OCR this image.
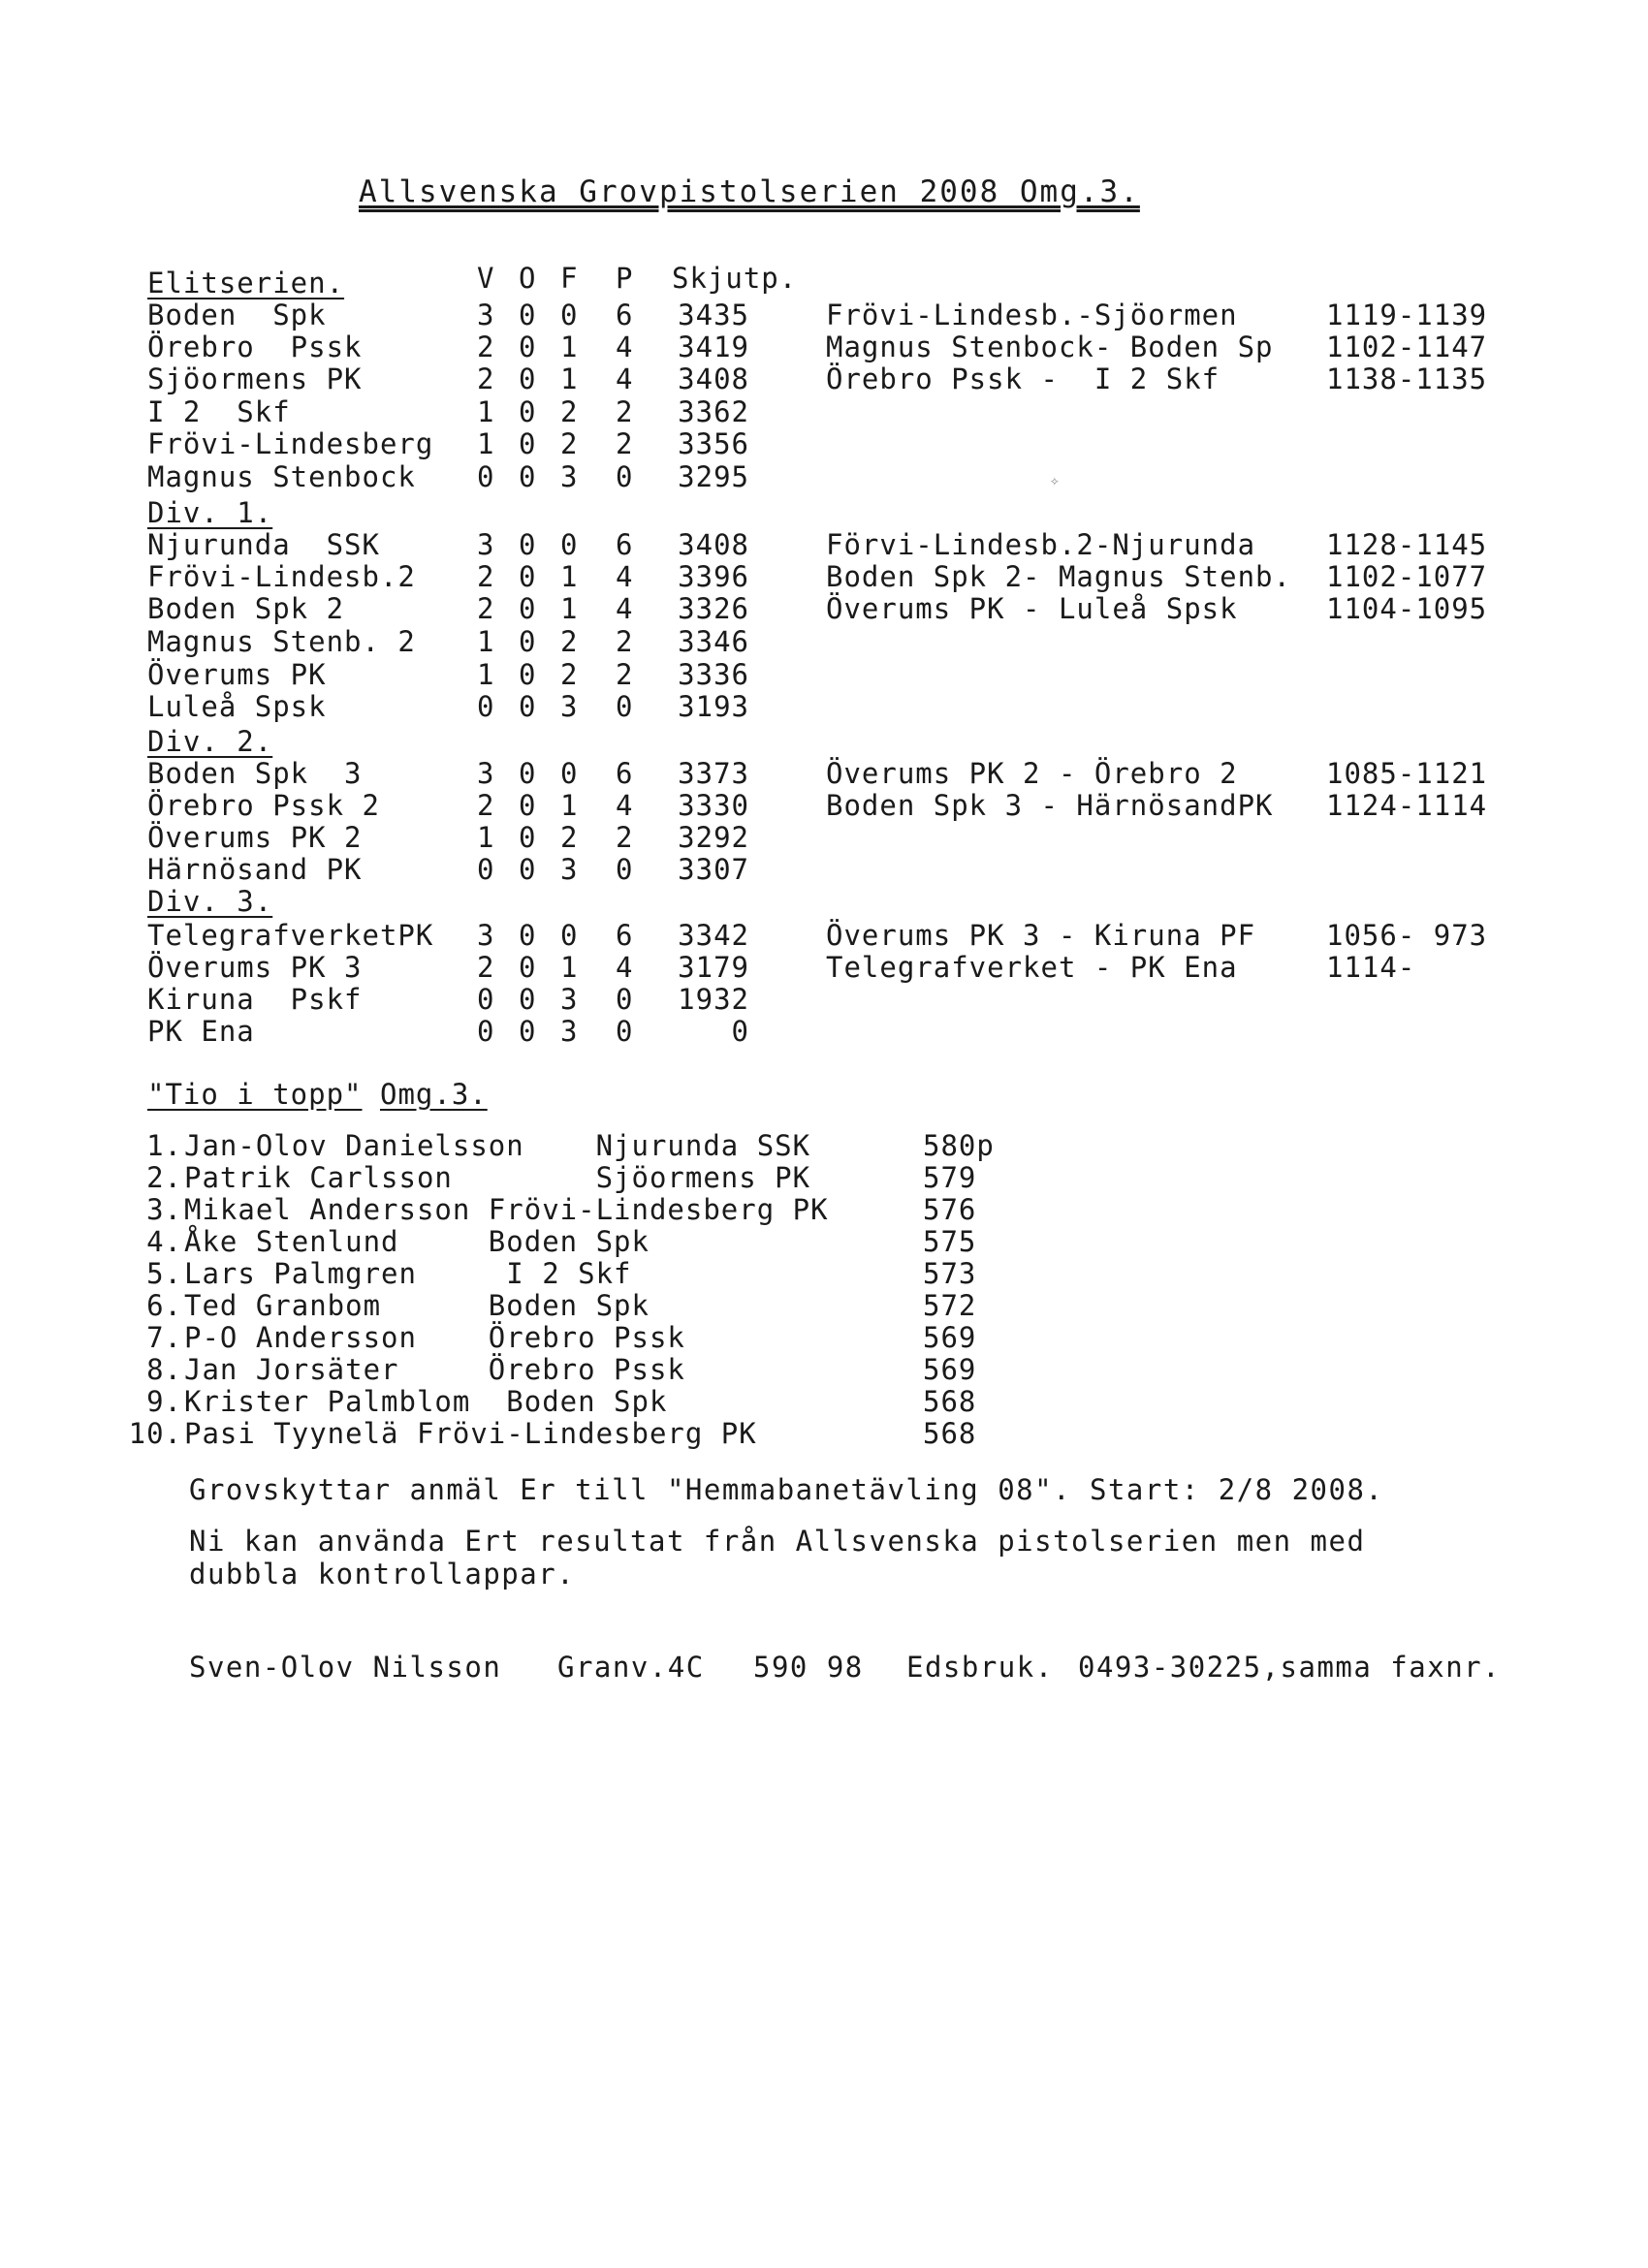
Allsvenska Grovpistolserien 2008 Omg.3.
V O F P Skjutp.
Elitserien.
Div. 1.
Div. 2.
Div. 3.
Boden  Spk	3 0 0 6 3435	Frövi-Lindesb.-Sjöormen	1119-1139
Örebro  Pssk	2 0 1 4 3419	Magnus Stenbock- Boden Sp 1102-1147
Sjöormens PK	2 0 1 4 3408	Örebro Pssk -  I 2 Skf	1138-1135
I 2  Skf	1 0 2 2 3362
Frövi-Lindesberg 1 0 2 2 3356
Magnus Stenbock 0 0 3 0 3295
Njurunda  SSK	3 0 0 6 3408	Förvi-Lindesb.2-Njurunda	1128-1145
Frövi-Lindesb.2 2 0 1 4 3396	Boden Spk 2- Magnus Stenb. 1102-1077
Boden Spk 2	2 0 1 4 3326	Överums PK - Luleå Spsk	1104-1095
Magnus Stenb. 2 1 0 2 2 3346
Överums PK	1 0 2 2 3336
Luleå Spsk	0 0 3 0 3193
Boden Spk  3	3 0 0 6 3373	Överums PK 2 - Örebro 2	1085-1121
Örebro Pssk 2	2 0 1 4 3330	Boden Spk 3 - HärnösandPK 1124-1114
Överums PK 2	1 0 2 2 3292
Härnösand PK	0 0 3 0 3307
TelegrafverketPK 3 0 0 6 3342	Överums PK 3 - Kiruna PF	1056- 973
Överums PK 3	2 0 1 4 3179	Telegrafverket - PK Ena	1114-
Kiruna  Pskf	0 0 3 0 1932
PK Ena	0 0 3 0	0
✧
"Tio i topp" Omg.3.
1. Jan-Olov Danielsson    Njurunda SSK	580p
2. Patrik Carlsson        Sjöormens PK	579
3. Mikael Andersson Frövi-Lindesberg PK	576
4. Åke Stenlund     Boden Spk	575
5. Lars Palmgren     I 2 Skf	573
6. Ted Granbom      Boden Spk	572
7. P-O Andersson    Örebro Pssk	569
8. Jan Jorsäter     Örebro Pssk	569
9. Krister Palmblom  Boden Spk	568
10. Pasi Tyynelä Frövi-Lindesberg PK	568
Grovskyttar anmäl Er till "Hemmabanetävling 08". Start: 2/8 2008.
Ni kan använda Ert resultat från Allsvenska pistolserien men med
dubbla kontrollappar.
Sven-Olov Nilsson Granv.4C 590 98 Edsbruk. 0493-30225,samma faxnr.
